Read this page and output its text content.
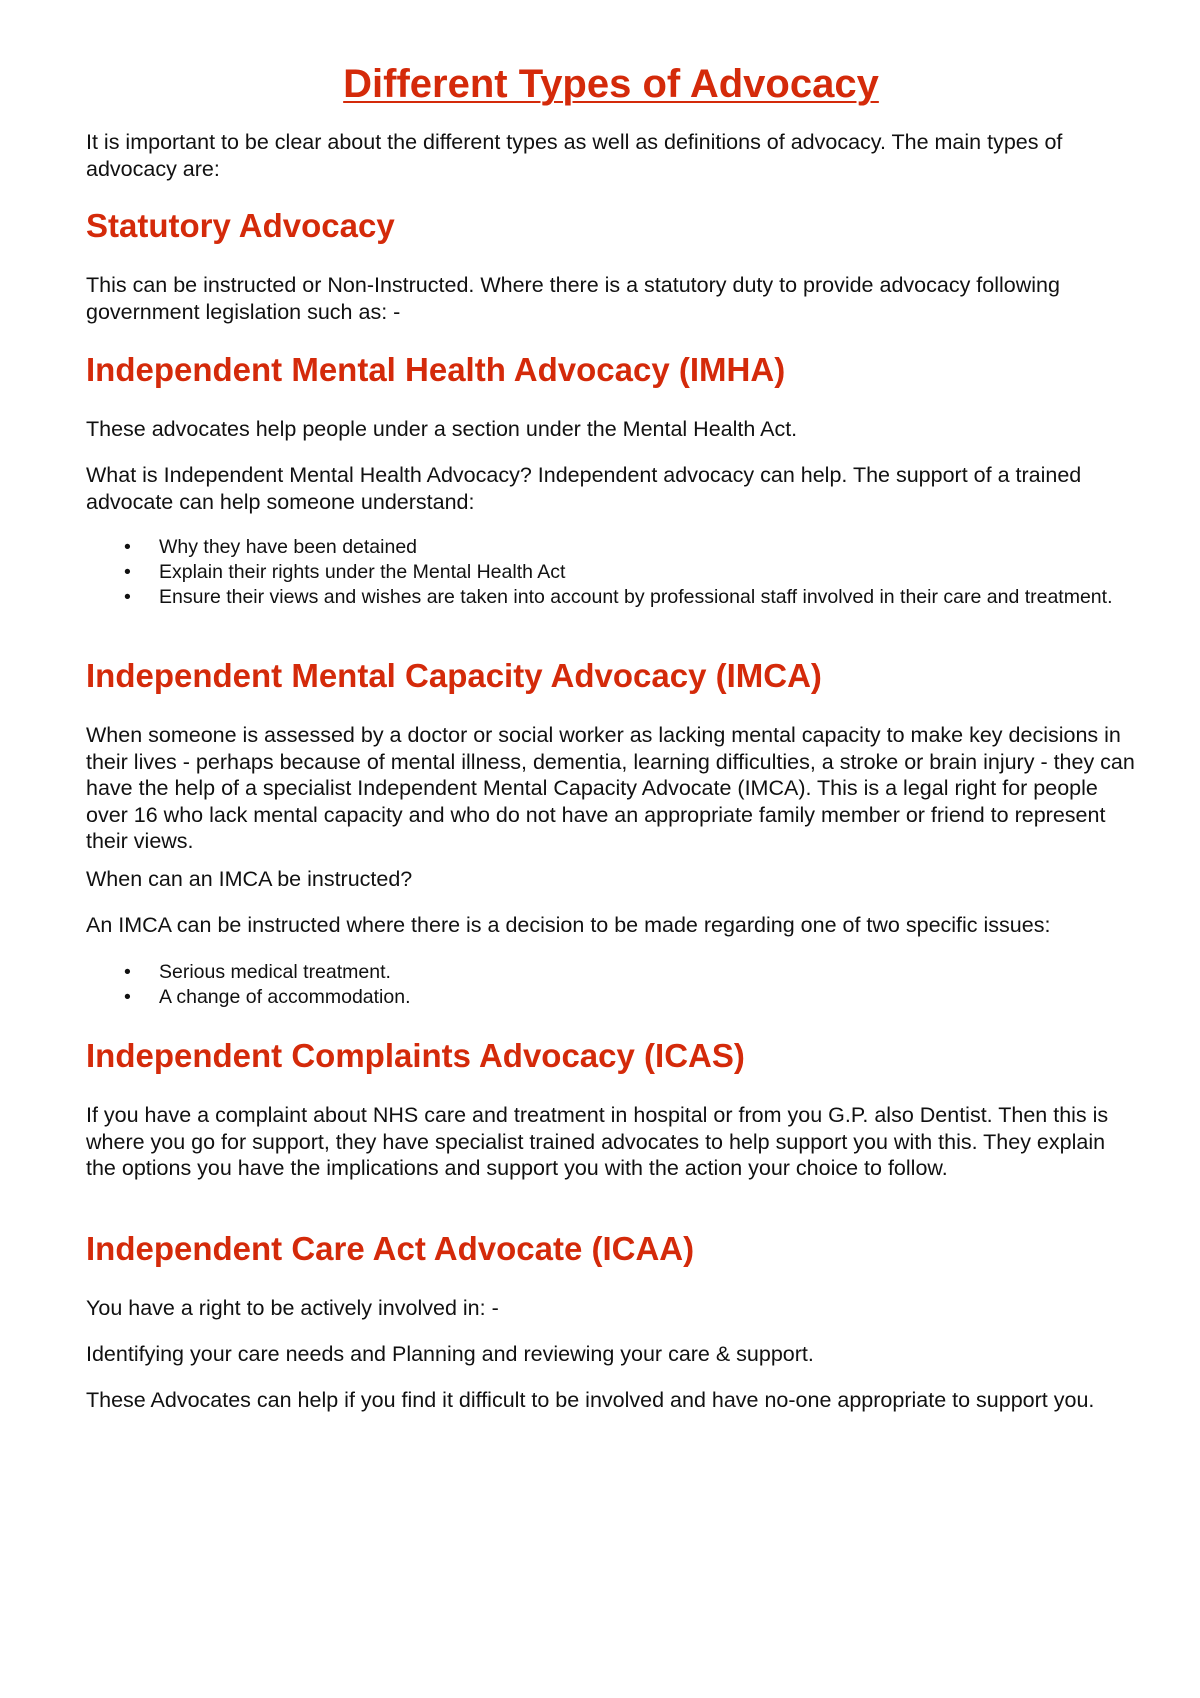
Different Types of Advocacy

It is important to be clear about the different types as well as definitions of advocacy. The main types of advocacy are:

Statutory Advocacy

This can be instructed or Non-Instructed. Where there is a statutory duty to provide advocacy following government legislation such as: -

Independent Mental Health Advocacy (IMHA)

These advocates help people under a section under the Mental Health Act.

What is Independent Mental Health Advocacy? Independent advocacy can help. The support of a trained advocate can help someone understand:

• Why they have been detained
• Explain their rights under the Mental Health Act
• Ensure their views and wishes are taken into account by professional staff involved in their care and treatment.
Independent Mental Capacity Advocacy (IMCA)

When someone is assessed by a doctor or social worker as lacking mental capacity to make key decisions in their lives - perhaps because of mental illness, dementia, learning difficulties, a stroke or brain injury - they can have the help of a specialist Independent Mental Capacity Advocate (IMCA). This is a legal right for people over 16 who lack mental capacity and who do not have an appropriate family member or friend to represent their views.

When can an IMCA be instructed?

An IMCA can be instructed where there is a decision to be made regarding one of two specific issues:

• Serious medical treatment.
• A change of accommodation.
Independent Complaints Advocacy (ICAS)

If you have a complaint about NHS care and treatment in hospital or from you G.P. also Dentist. Then this is where you go for support, they have specialist trained advocates to help support you with this. They explain the options you have the implications and support you with the action your choice to follow.

Independent Care Act Advocate (ICAA)

You have a right to be actively involved in: -

Identifying your care needs and Planning and reviewing your care & support.

These Advocates can help if you find it difficult to be involved and have no-one appropriate to support you.
